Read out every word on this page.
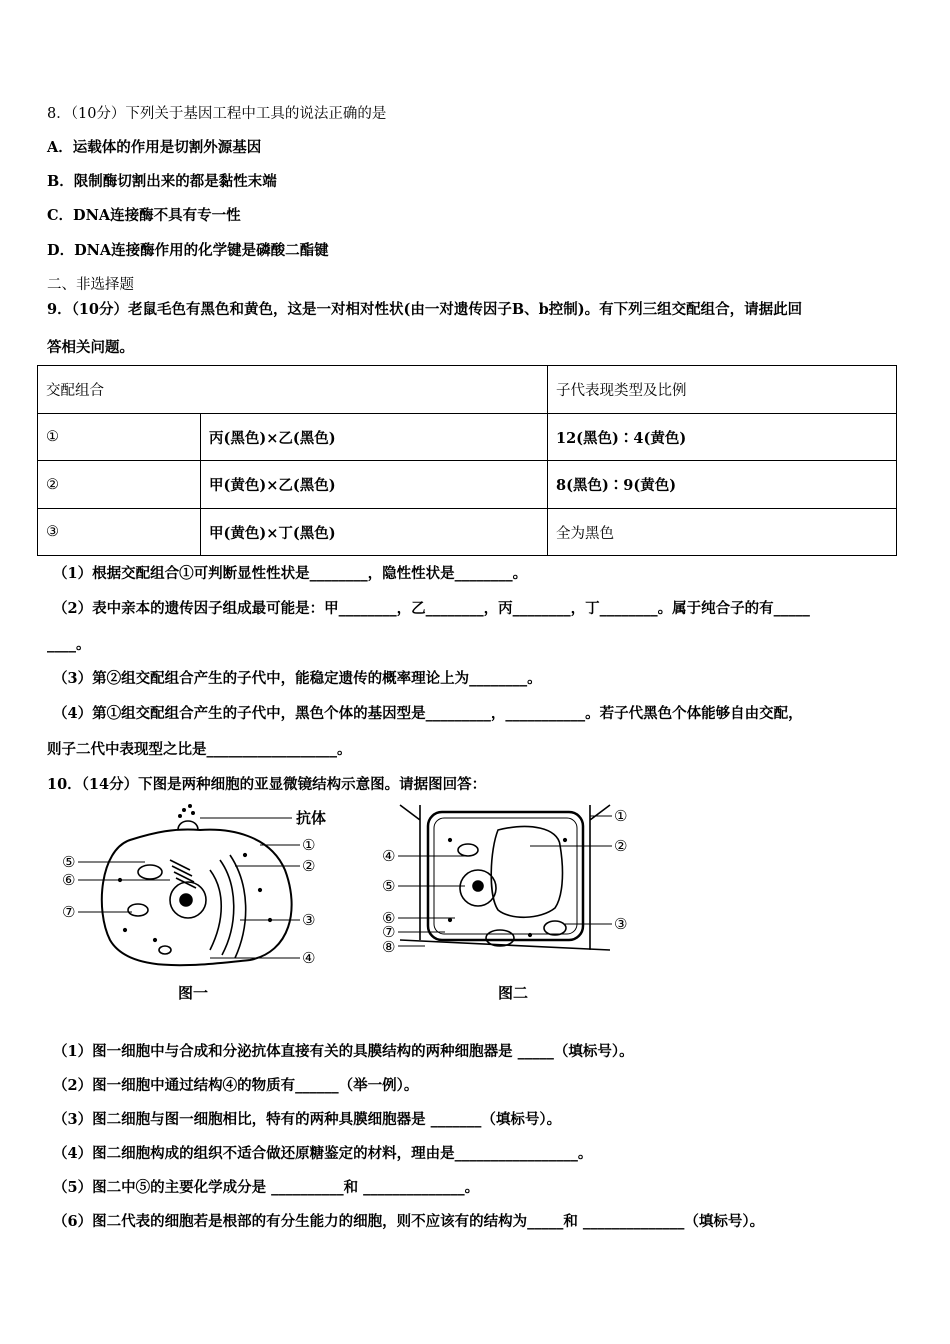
8．（10分）下列关于基因工程中工具的说法正确的是
A．运载体的作用是切割外源基因
B．限制酶切割出来的都是黏性末端
C．DNA连接酶不具有专一性
D．DNA连接酶作用的化学键是磷酸二酯键
二、非选择题
9．（10分）老鼠毛色有黑色和黄色，这是一对相对性状(由一对遗传因子B、b控制)。有下列三组交配组合，请据此回
答相关问题。
交配组合		子代表现类型及比例
①	丙(黑色)×乙(黑色)	12(黑色)∶4(黄色)
②	甲(黄色)×乙(黑色)	8(黑色)∶9(黄色)
③	甲(黄色)×丁(黑色)	全为黑色
（1）根据交配组合①可判断显性性状是________，隐性性状是________。
（2）表中亲本的遗传因子组成最可能是：甲________，乙________，丙________，丁________。属于纯合子的有_____
____。
（3）第②组交配组合产生的子代中，能稳定遗传的概率理论上为________。
（4）第①组交配组合产生的子代中，黑色个体的基因型是_________，___________。若子代黑色个体能够自由交配，
则子二代中表现型之比是__________________。
10．（14分）下图是两种细胞的亚显微镜结构示意图。请据图回答：
抗体
①
②
③
④
⑤
⑥
⑦
图一
①
②
③
④
⑤
⑥
⑦
⑧
图二
（1）图一细胞中与合成和分泌抗体直接有关的具膜结构的两种细胞器是 _____（填标号）。
（2）图一细胞中通过结构④的物质有______（举一例）。
（3）图二细胞与图一细胞相比，特有的两种具膜细胞器是 _______（填标号）。
（4）图二细胞构成的组织不适合做还原糖鉴定的材料，理由是_________________。
（5）图二中⑤的主要化学成分是 __________和 ______________。
（6）图二代表的细胞若是根部的有分生能力的细胞，则不应该有的结构为_____和 ______________（填标号）。
